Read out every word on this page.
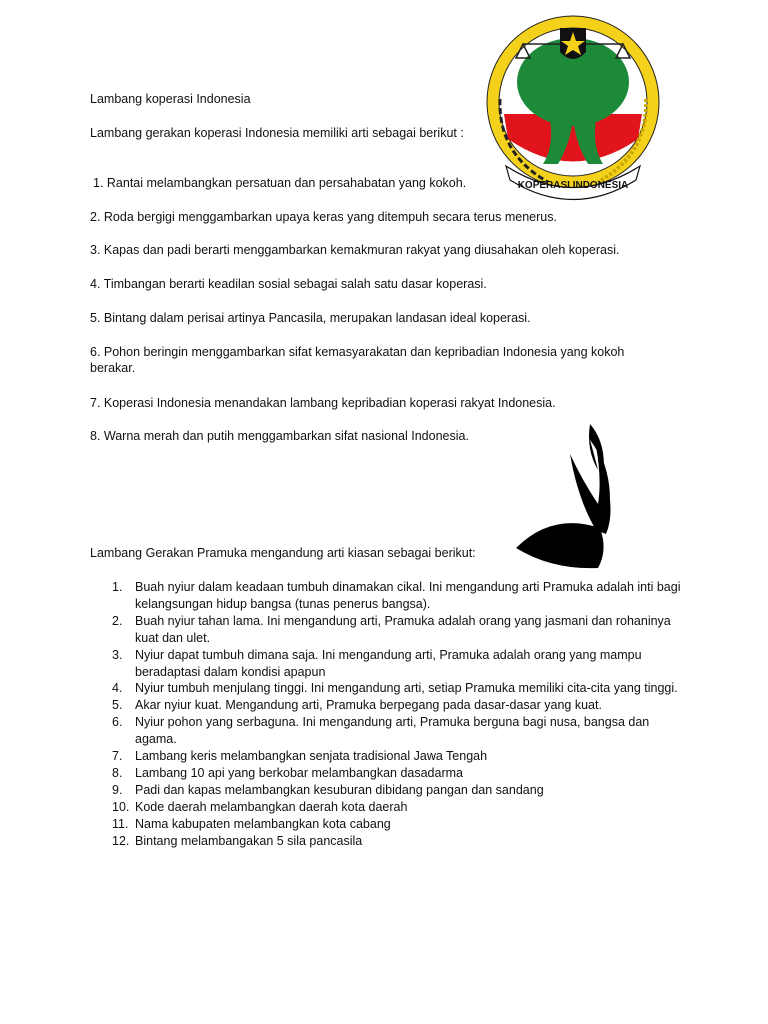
Lambang koperasi Indonesia
Lambang gerakan koperasi Indonesia memiliki arti sebagai berikut :
1. Rantai melambangkan persatuan dan persahabatan yang kokoh.
2. Roda bergigi menggambarkan upaya keras yang ditempuh secara terus menerus.
3. Kapas dan padi berarti menggambarkan kemakmuran rakyat yang diusahakan oleh koperasi.
4. Timbangan berarti keadilan sosial sebagai salah satu dasar koperasi.
5. Bintang dalam perisai artinya Pancasila, merupakan landasan ideal koperasi.
6. Pohon beringin menggambarkan sifat kemasyarakatan dan kepribadian Indonesia yang kokoh berakar.
7. Koperasi Indonesia menandakan lambang kepribadian koperasi rakyat Indonesia.
8. Warna merah dan putih menggambarkan sifat nasional Indonesia.
KOPERASI INDONESIA
Lambang Gerakan Pramuka mengandung arti kiasan sebagai berikut:
1. Buah nyiur dalam keadaan tumbuh dinamakan cikal. Ini mengandung arti Pramuka adalah inti bagi kelangsungan hidup bangsa (tunas penerus bangsa).
2. Buah nyiur tahan lama. Ini mengandung arti, Pramuka adalah orang yang jasmani dan rohaninya kuat dan ulet.
3. Nyiur dapat tumbuh dimana saja. Ini mengandung arti, Pramuka adalah orang yang mampu beradaptasi dalam kondisi apapun
4. Nyiur tumbuh menjulang tinggi. Ini mengandung arti, setiap Pramuka memiliki cita-cita yang tinggi.
5. Akar nyiur kuat. Mengandung arti, Pramuka berpegang pada dasar-dasar yang kuat.
6. Nyiur pohon yang serbaguna. Ini mengandung arti, Pramuka berguna bagi nusa, bangsa dan agama.
7. Lambang keris melambangkan senjata tradisional Jawa Tengah
8. Lambang 10 api yang berkobar melambangkan dasadarma
9. Padi dan kapas melambangkan kesuburan dibidang pangan dan sandang
10. Kode daerah melambangkan daerah kota daerah
11. Nama kabupaten melambangkan kota cabang
12. Bintang melambangakan 5 sila pancasila
